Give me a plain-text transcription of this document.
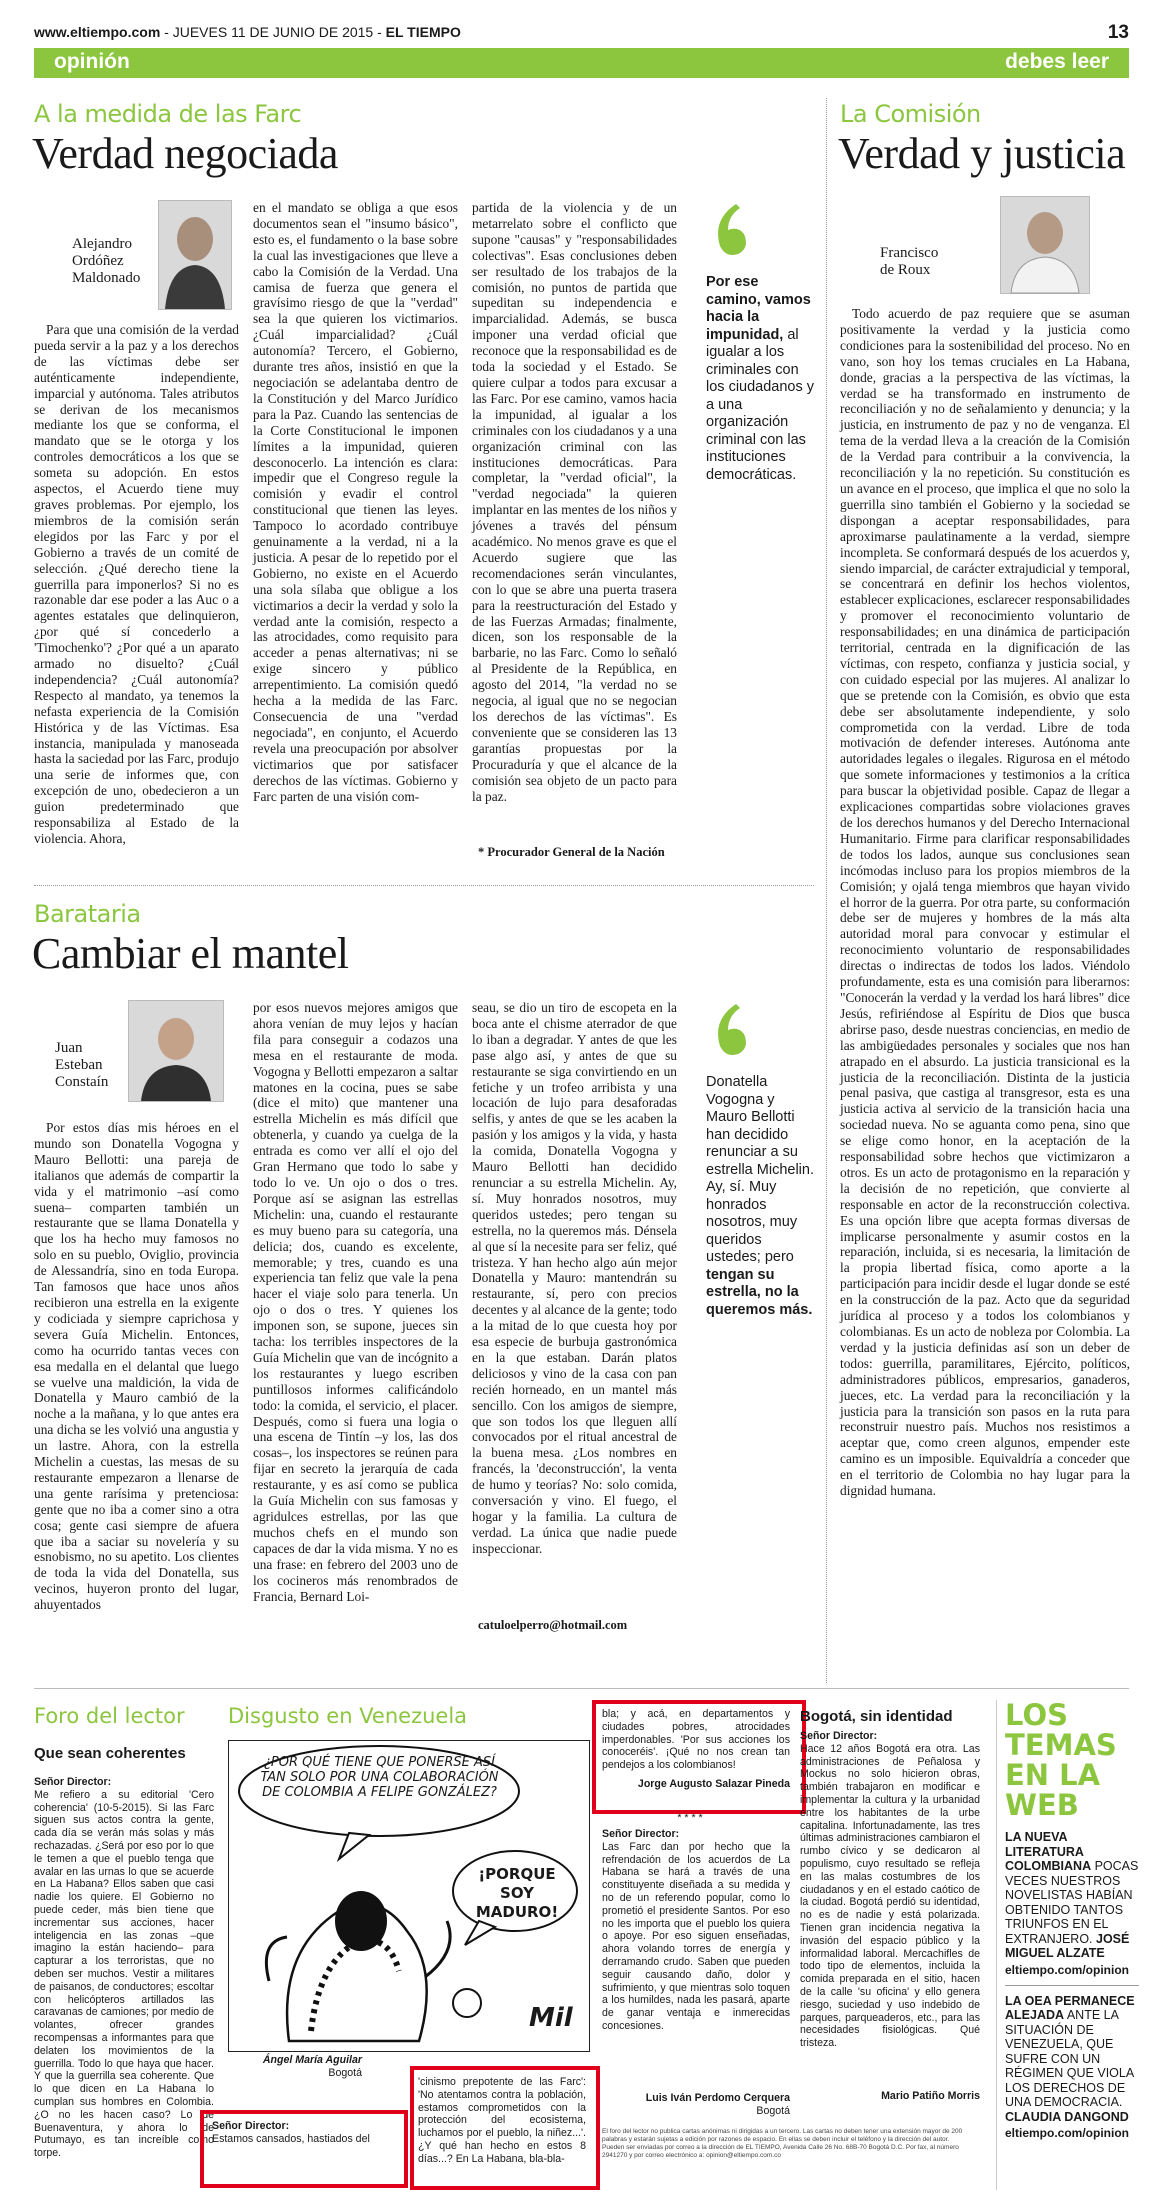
www.eltiempo.com - JUEVES 11 DE JUNIO DE 2015 - EL TIEMPO	13
opinión	debes leer
A la medida de las Farc
Verdad negociada
Alejandro
Ordóñez
Maldonado

Para que una comisión de la verdad pueda servir a la paz y a los derechos de las víctimas debe ser auténticamente independiente, imparcial y autónoma. Tales atributos se derivan de los mecanismos mediante los que se conforma, el mandato que se le otorga y los controles democráticos a los que se someta su adopción. En estos aspectos, el Acuerdo tiene muy graves problemas. Por ejemplo, los miembros de la comisión serán elegidos por las Farc y por el Gobierno a través de un comité de selección. ¿Qué derecho tiene la guerrilla para imponerlos? Si no es razonable dar ese poder a las Auc o a agentes estatales que delinquieron, ¿por qué sí concederlo a 'Timochenko'? ¿Por qué a un aparato armado no disuelto? ¿Cuál independencia? ¿Cuál autonomía? Respecto al mandato, ya tenemos la nefasta experiencia de la Comisión Histórica y de las Víctimas. Esa instancia, manipulada y manoseada hasta la saciedad por las Farc, produjo una serie de informes que, con excepción de uno, obedecieron a un guion predeterminado que responsabiliza al Estado de la violencia. Ahora,

en el mandato se obliga a que esos documentos sean el "insumo básico", esto es, el fundamento o la base sobre la cual las investigaciones que lleve a cabo la Comisión de la Verdad. Una camisa de fuerza que genera el gravísimo riesgo de que la "verdad" sea la que quieren los victimarios. ¿Cuál imparcialidad? ¿Cuál autonomía? Tercero, el Gobierno, durante tres años, insistió en que la negociación se adelantaba dentro de la Constitución y del Marco Jurídico para la Paz. Cuando las sentencias de la Corte Constitucional le imponen límites a la impunidad, quieren desconocerlo. La intención es clara: impedir que el Congreso regule la comisión y evadir el control constitucional que tienen las leyes. Tampoco lo acordado contribuye genuinamente a la verdad, ni a la justicia. A pesar de lo repetido por el Gobierno, no existe en el Acuerdo una sola sílaba que obligue a los victimarios a decir la verdad y solo la verdad ante la comisión, respecto a las atrocidades, como requisito para acceder a penas alternativas; ni se exige sincero y público arrepentimiento. La comisión quedó hecha a la medida de las Farc. Consecuencia de una "verdad negociada", en conjunto, el Acuerdo revela una preocupación por absolver victimarios que por satisfacer derechos de las víctimas. Gobierno y Farc parten de una visión com-

partida de la violencia y de un metarrelato sobre el conflicto que supone "causas" y "responsabilidades colectivas". Esas conclusiones deben ser resultado de los trabajos de la comisión, no puntos de partida que supeditan su independencia e imparcialidad. Además, se busca imponer una verdad oficial que reconoce que la responsabilidad es de toda la sociedad y el Estado. Se quiere culpar a todos para excusar a las Farc. Por ese camino, vamos hacia la impunidad, al igualar a los criminales con los ciudadanos y a una organización criminal con las instituciones democráticas. Para completar, la "verdad oficial", la "verdad negociada" la quieren implantar en las mentes de los niños y jóvenes a través del pénsum académico. No menos grave es que el Acuerdo sugiere que las recomendaciones serán vinculantes, con lo que se abre una puerta trasera para la reestructuración del Estado y de las Fuerzas Armadas; finalmente, dicen, son los responsable de la barbarie, no las Farc. Como lo señaló al Presidente de la República, en agosto del 2014, "la verdad no se negocia, al igual que no se negocian los derechos de las víctimas". Es conveniente que se consideren las 13 garantías propuestas por la Procuraduría y que el alcance de la comisión sea objeto de un pacto para la paz.

* Procurador General de la Nación
Por ese camino, vamos hacia la impunidad, al igualar a los criminales con los ciudadanos y a una organización criminal con las instituciones democráticas.
La Comisión
Verdad y justicia
Francisco
de Roux

Todo acuerdo de paz requiere que se asuman positivamente la verdad y la justicia como condiciones para la sostenibilidad del proceso. No en vano, son hoy los temas cruciales en La Habana, donde, gracias a la perspectiva de las víctimas, la verdad se ha transformado en instrumento de reconciliación y no de señalamiento y denuncia; y la justicia, en instrumento de paz y no de venganza. El tema de la verdad lleva a la creación de la Comisión de la Verdad para contribuir a la convivencia, la reconciliación y la no repetición. Su constitución es un avance en el proceso, que implica el que no solo la guerrilla sino también el Gobierno y la sociedad se dispongan a aceptar responsabilidades, para aproximarse paulatinamente a la verdad, siempre incompleta. Se conformará después de los acuerdos y, siendo imparcial, de carácter extrajudicial y temporal, se concentrará en definir los hechos violentos, establecer explicaciones, esclarecer responsabilidades y promover el reconocimiento voluntario de responsabilidades; en una dinámica de participación territorial, centrada en la dignificación de las víctimas, con respeto, confianza y justicia social, y con cuidado especial por las mujeres. Al analizar lo que se pretende con la Comisión, es obvio que esta debe ser absolutamente independiente, y solo comprometida con la verdad. Libre de toda motivación de defender intereses. Autónoma ante autoridades legales o ilegales. Rigurosa en el método que somete informaciones y testimonios a la crítica para buscar la objetividad posible. Capaz de llegar a explicaciones compartidas sobre violaciones graves de los derechos humanos y del Derecho Internacional Humanitario. Firme para clarificar responsabilidades de todos los lados, aunque sus conclusiones sean incómodas incluso para los propios miembros de la Comisión; y ojalá tenga miembros que hayan vivido el horror de la guerra. Por otra parte, su conformación debe ser de mujeres y hombres de la más alta autoridad moral para convocar y estimular el reconocimiento voluntario de responsabilidades directas o indirectas de todos los lados. Viéndolo profundamente, esta es una comisión para liberarnos: "Conocerán la verdad y la verdad los hará libres" dice Jesús, refiriéndose al Espíritu de Dios que busca abrirse paso, desde nuestras conciencias, en medio de las ambigüedades personales y sociales que nos han atrapado en el absurdo. La justicia transicional es la justicia de la reconciliación. Distinta de la justicia penal pasiva, que castiga al transgresor, esta es una justicia activa al servicio de la transición hacia una sociedad nueva. No se aguanta como pena, sino que se elige como honor, en la aceptación de la responsabilidad sobre hechos que victimizaron a otros. Es un acto de protagonismo en la reparación y la decisión de no repetición, que convierte al responsable en actor de la reconstrucción colectiva. Es una opción libre que acepta formas diversas de implicarse personalmente y asumir costos en la reparación, incluida, si es necesaria, la limitación de la propia libertad física, como aporte a la participación para incidir desde el lugar donde se esté en la construcción de la paz. Acto que da seguridad jurídica al proceso y a todos los colombianos y colombianas. Es un acto de nobleza por Colombia. La verdad y la justicia definidas así son un deber de todos: guerrilla, paramilitares, Ejército, políticos, administradores públicos, empresarios, ganaderos, jueces, etc. La verdad para la reconciliación y la justicia para la transición son pasos en la ruta para reconstruir nuestro país. Muchos nos resistimos a aceptar que, como creen algunos, empender este camino es un imposible. Equivaldría a conceder que en el territorio de Colombia no hay lugar para la dignidad humana.

Barataria
Cambiar el mantel
Juan
Esteban
Constaín

Por estos días mis héroes en el mundo son Donatella Vogogna y Mauro Bellotti: una pareja de italianos que además de compartir la vida y el matrimonio –así como suena– comparten también un restaurante que se llama Donatella y que los ha hecho muy famosos no solo en su pueblo, Oviglio, provincia de Alessandría, sino en toda Europa. Tan famosos que hace unos años recibieron una estrella en la exigente y codiciada y siempre caprichosa y severa Guía Michelin. Entonces, como ha ocurrido tantas veces con esa medalla en el delantal que luego se vuelve una maldición, la vida de Donatella y Mauro cambió de la noche a la mañana, y lo que antes era una dicha se les volvió una angustia y un lastre. Ahora, con la estrella Michelin a cuestas, las mesas de su restaurante empezaron a llenarse de una gente rarísima y pretenciosa: gente que no iba a comer sino a otra cosa; gente casi siempre de afuera que iba a saciar su novelería y su esnobismo, no su apetito. Los clientes de toda la vida del Donatella, sus vecinos, huyeron pronto del lugar, ahuyentados

por esos nuevos mejores amigos que ahora venían de muy lejos y hacían fila para conseguir a codazos una mesa en el restaurante de moda. Vogogna y Bellotti empezaron a saltar matones en la cocina, pues se sabe (dice el mito) que mantener una estrella Michelin es más difícil que obtenerla, y cuando ya cuelga de la entrada es como ver allí el ojo del Gran Hermano que todo lo sabe y todo lo ve. Un ojo o dos o tres. Porque así se asignan las estrellas Michelin: una, cuando el restaurante es muy bueno para su categoría, una delicia; dos, cuando es excelente, memorable; y tres, cuando es una experiencia tan feliz que vale la pena hacer el viaje solo para tenerla. Un ojo o dos o tres. Y quienes los imponen son, se supone, jueces sin tacha: los terribles inspectores de la Guía Michelin que van de incógnito a los restaurantes y luego escriben puntillosos informes calificándolo todo: la comida, el servicio, el placer. Después, como si fuera una logia o una escena de Tintín –y los, las dos cosas–, los inspectores se reúnen para fijar en secreto la jerarquía de cada restaurante, y es así como se publica la Guía Michelin con sus famosas y agridulces estrellas, por las que muchos chefs en el mundo son capaces de dar la vida misma. Y no es una frase: en febrero del 2003 uno de los cocineros más renombrados de Francia, Bernard Loi-

seau, se dio un tiro de escopeta en la boca ante el chisme aterrador de que lo iban a degradar. Y antes de que les pase algo así, y antes de que su restaurante se siga convirtiendo en un fetiche y un trofeo arribista y una locación de lujo para desaforadas selfis, y antes de que se les acaben la pasión y los amigos y la vida, y hasta la comida, Donatella Vogogna y Mauro Bellotti han decidido renunciar a su estrella Michelin. Ay, sí. Muy honrados nosotros, muy queridos ustedes; pero tengan su estrella, no la queremos más. Dénsela al que sí la necesite para ser feliz, qué tristeza. Y han hecho algo aún mejor Donatella y Mauro: mantendrán su restaurante, sí, pero con precios decentes y al alcance de la gente; todo a la mitad de lo que cuesta hoy por esa especie de burbuja gastronómica en la que estaban. Darán platos deliciosos y vino de la casa con pan recién horneado, en un mantel más sencillo. Con los amigos de siempre, que son todos los que lleguen allí convocados por el ritual ancestral de la buena mesa. ¿Los nombres en francés, la 'deconstrucción', la venta de humo y teorías? No: solo comida, conversación y vino. El fuego, el hogar y la familia. La cultura de verdad. La única que nadie puede inspeccionar.

catuloelperro@hotmail.com
Donatella Vogogna y Mauro Bellotti han decidido renunciar a su estrella Michelin. Ay, sí. Muy honrados nosotros, muy queridos ustedes; pero tengan su estrella, no la queremos más.
Foro del lector
Que sean coherentes

Señor Director:

Me refiero a su editorial 'Cero coherencia' (10-5-2015). Si las Farc siguen sus actos contra la gente, cada día se verán más solas y más rechazadas. ¿Será por eso por lo que le temen a que el pueblo tenga que avalar en las urnas lo que se acuerde en La Habana? Ellos saben que casi nadie los quiere. El Gobierno no puede ceder, más bien tiene que incrementar sus acciones, hacer inteligencia en las zonas –que imagino la están haciendo– para capturar a los terroristas, que no deben ser muchos. Vestir a militares de paisanos, de conductores; escoltar con helicópteros artillados las caravanas de camiones; por medio de volantes, ofrecer grandes recompensas a informantes para que delaten los movimientos de la guerrilla. Todo lo que haya que hacer. Y que la guerrilla sea coherente. Que lo que dicen en La Habana lo cumplan sus hombres en Colombia. ¿O no les hacen caso? Lo de Buenaventura, y ahora lo de Putumayo, es tan increíble como torpe.

Ángel María Aguilar

Bogotá

Señor Director:

Estamos cansados, hastiados del

Disgusto en Venezuela
¿POR QUÉ TIENE QUE PONERSE ASÍ TAN SOLO POR UNA COLABORACIÓN DE COLOMBIA A FELIPE GONZÁLEZ?
¡PORQUE SOY MADURO!
Mil

'cinismo prepotente de las Farc': 'No atentamos contra la población, estamos comprometidos con la protección del ecosistema, luchamos por el pueblo, la niñez...'. ¿Y qué han hecho en estos 8 días...? En La Habana, bla-bla-

bla; y acá, en departamentos y ciudades pobres, atrocidades imperdonables. 'Por sus acciones los conoceréis'. ¡Qué no nos crean tan pendejos a los colombianos!

Jorge Augusto Salazar Pineda

* * * *

Señor Director:

Las Farc dan por hecho que la refrendación de los acuerdos de La Habana se hará a través de una constituyente diseñada a su medida y no de un referendo popular, como lo prometió el presidente Santos. Por eso no les importa que el pueblo los quiera o apoye. Por eso siguen enseñadas, ahora volando torres de energía y derramando crudo. Saben que pueden seguir causando daño, dolor y sufrimiento, y que mientras solo toquen a los humildes, nada les pasará, aparte de ganar ventaja e inmerecidas concesiones.

Luis Iván Perdomo Cerquera

Bogotá

El foro del lector no publica cartas anónimas ni dirigidas a un tercero. Las cartas no deben tener una extensión mayor de 200 palabras y estarán sujetas a edición por razones de espacio. En ellas se deben incluir el teléfono y la dirección del autor. Pueden ser enviadas por correo a la dirección de EL TIEMPO, Avenida Calle 26 No. 68B-70 Bogotá D.C. Por fax, al número 2941270 y por correo electrónico a: opinion@eltiempo.com.co
Bogotá, sin identidad

Señor Director:

Hace 12 años Bogotá era otra. Las administraciones de Peñalosa y Mockus no solo hicieron obras, también trabajaron en modificar e implementar la cultura y la urbanidad entre los habitantes de la urbe capitalina. Infortunadamente, las tres últimas administraciones cambiaron el rumbo cívico y se dedicaron al populismo, cuyo resultado se refleja en las malas costumbres de los ciudadanos y en el estado caótico de la ciudad. Bogotá perdió su identidad, no es de nadie y está polarizada. Tienen gran incidencia negativa la invasión del espacio público y la informalidad laboral. Mercachifles de todo tipo de elementos, incluida la comida preparada en el sitio, hacen de la calle 'su oficina' y ello genera riesgo, suciedad y uso indebido de parques, parqueaderos, etc., para las necesidades fisiológicas. Qué tristeza.

Mario Patiño Morris
LOS
TEMAS
EN LA
WEB
LA NUEVA LITERATURA COLOMBIANA POCAS VECES NUESTROS NOVELISTAS HABÍAN OBTENIDO TANTOS TRIUNFOS EN EL EXTRANJERO. JOSÉ MIGUEL ALZATE
eltiempo.com/opinion
LA OEA PERMANECE ALEJADA ANTE LA SITUACIÓN DE VENEZUELA, QUE SUFRE CON UN RÉGIMEN QUE VIOLA LOS DERECHOS DE UNA DEMOCRACIA. CLAUDIA DANGOND
eltiempo.com/opinion
